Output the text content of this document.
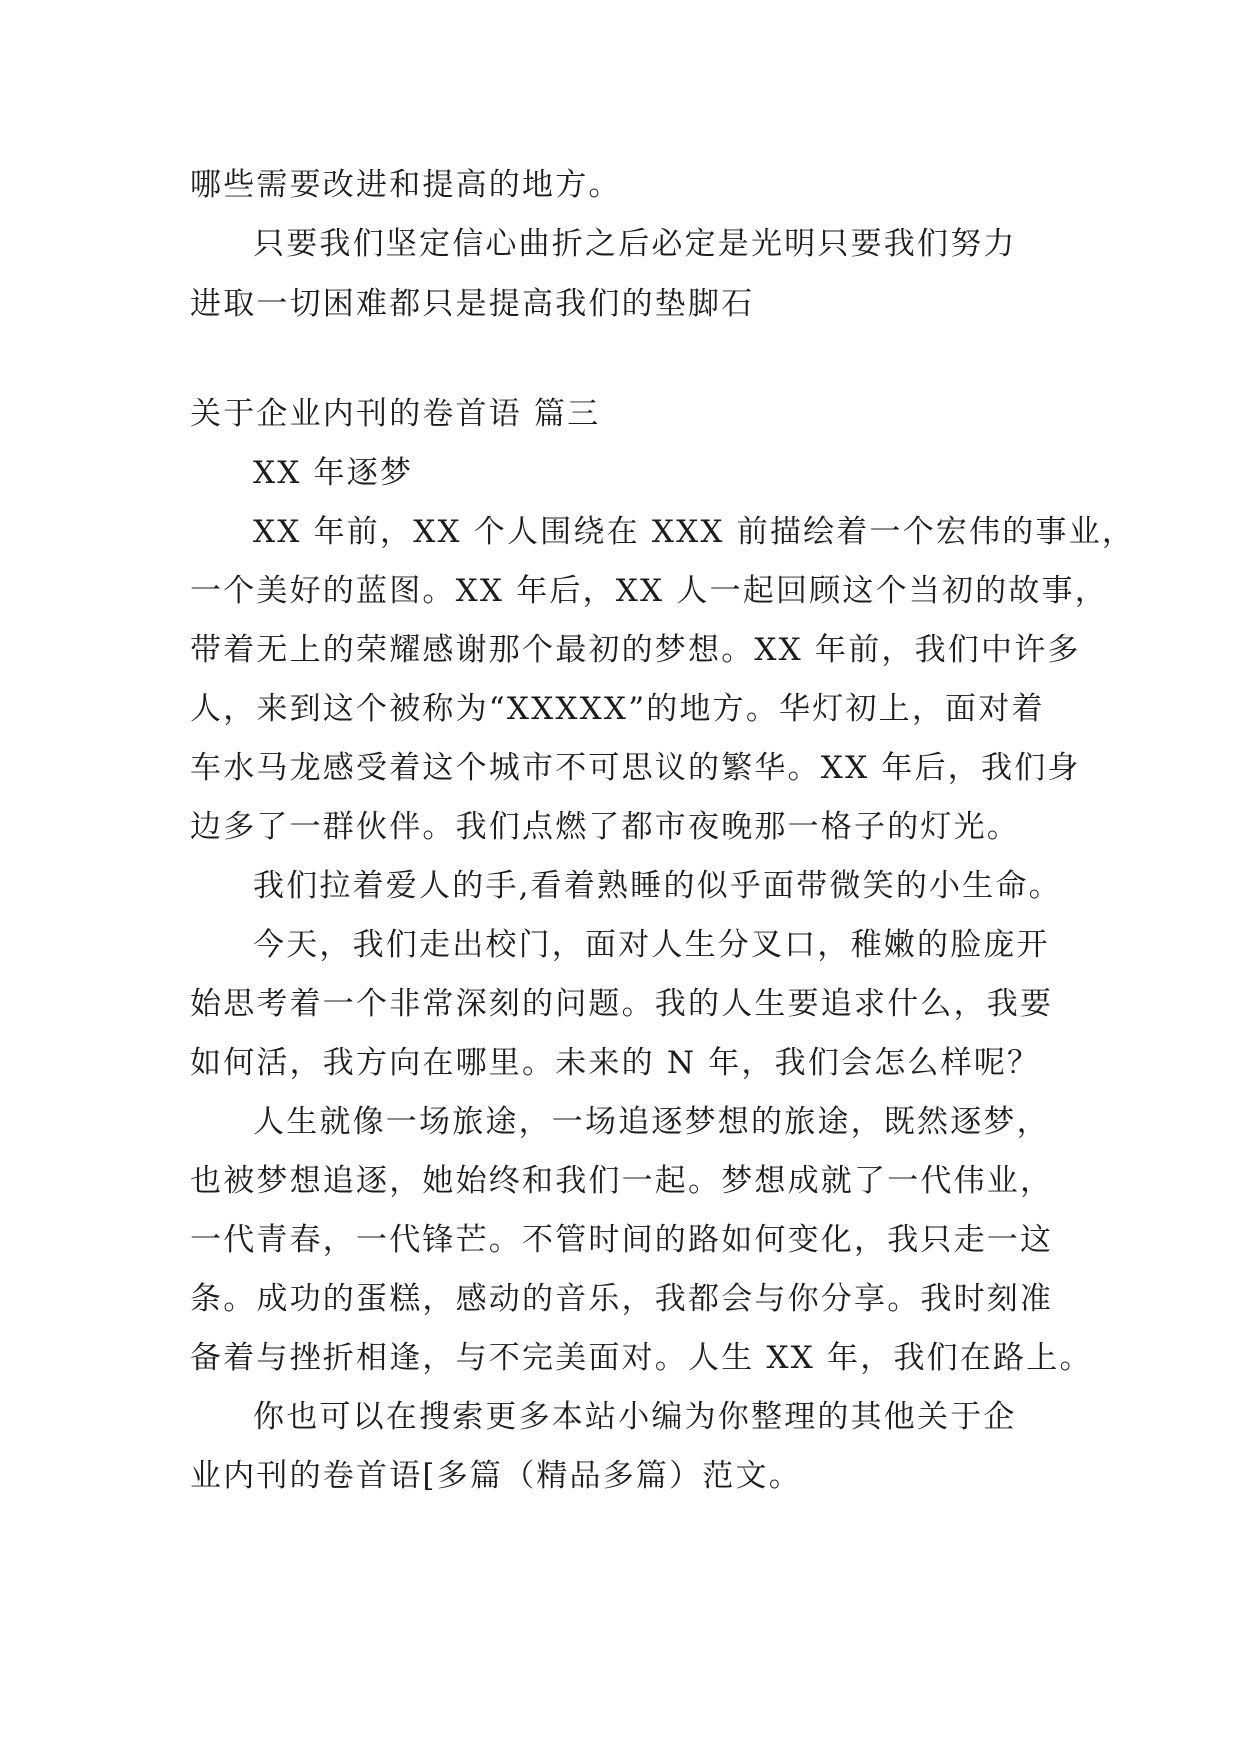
哪些需要改进和提高的地方。
只要我们坚定信心曲折之后必定是光明只要我们努力
进取一切困难都只是提高我们的垫脚石
关于企业内刊的卷首语 篇三
XX 年逐梦
XX 年前，XX 个人围绕在 XXX 前描绘着一个宏伟的事业，
一个美好的蓝图。XX 年后，XX 人一起回顾这个当初的故事，
带着无上的荣耀感谢那个最初的梦想。XX 年前，我们中许多
人，来到这个被称为“XXXXX”的地方。华灯初上，面对着
车水马龙感受着这个城市不可思议的繁华。XX 年后，我们身
边多了一群伙伴。我们点燃了都市夜晚那一格子的灯光。
我们拉着爱人的手,看着熟睡的似乎面带微笑的小生命。
今天，我们走出校门，面对人生分叉口，稚嫩的脸庞开
始思考着一个非常深刻的问题。我的人生要追求什么，我要
如何活，我方向在哪里。未来的 N 年，我们会怎么样呢？
人生就像一场旅途，一场追逐梦想的旅途，既然逐梦，
也被梦想追逐，她始终和我们一起。梦想成就了一代伟业，
一代青春，一代锋芒。不管时间的路如何变化，我只走一这
条。成功的蛋糕，感动的音乐，我都会与你分享。我时刻准
备着与挫折相逢，与不完美面对。人生 XX 年，我们在路上。
你也可以在搜索更多本站小编为你整理的其他关于企
业内刊的卷首语[多篇（精品多篇）范文。
